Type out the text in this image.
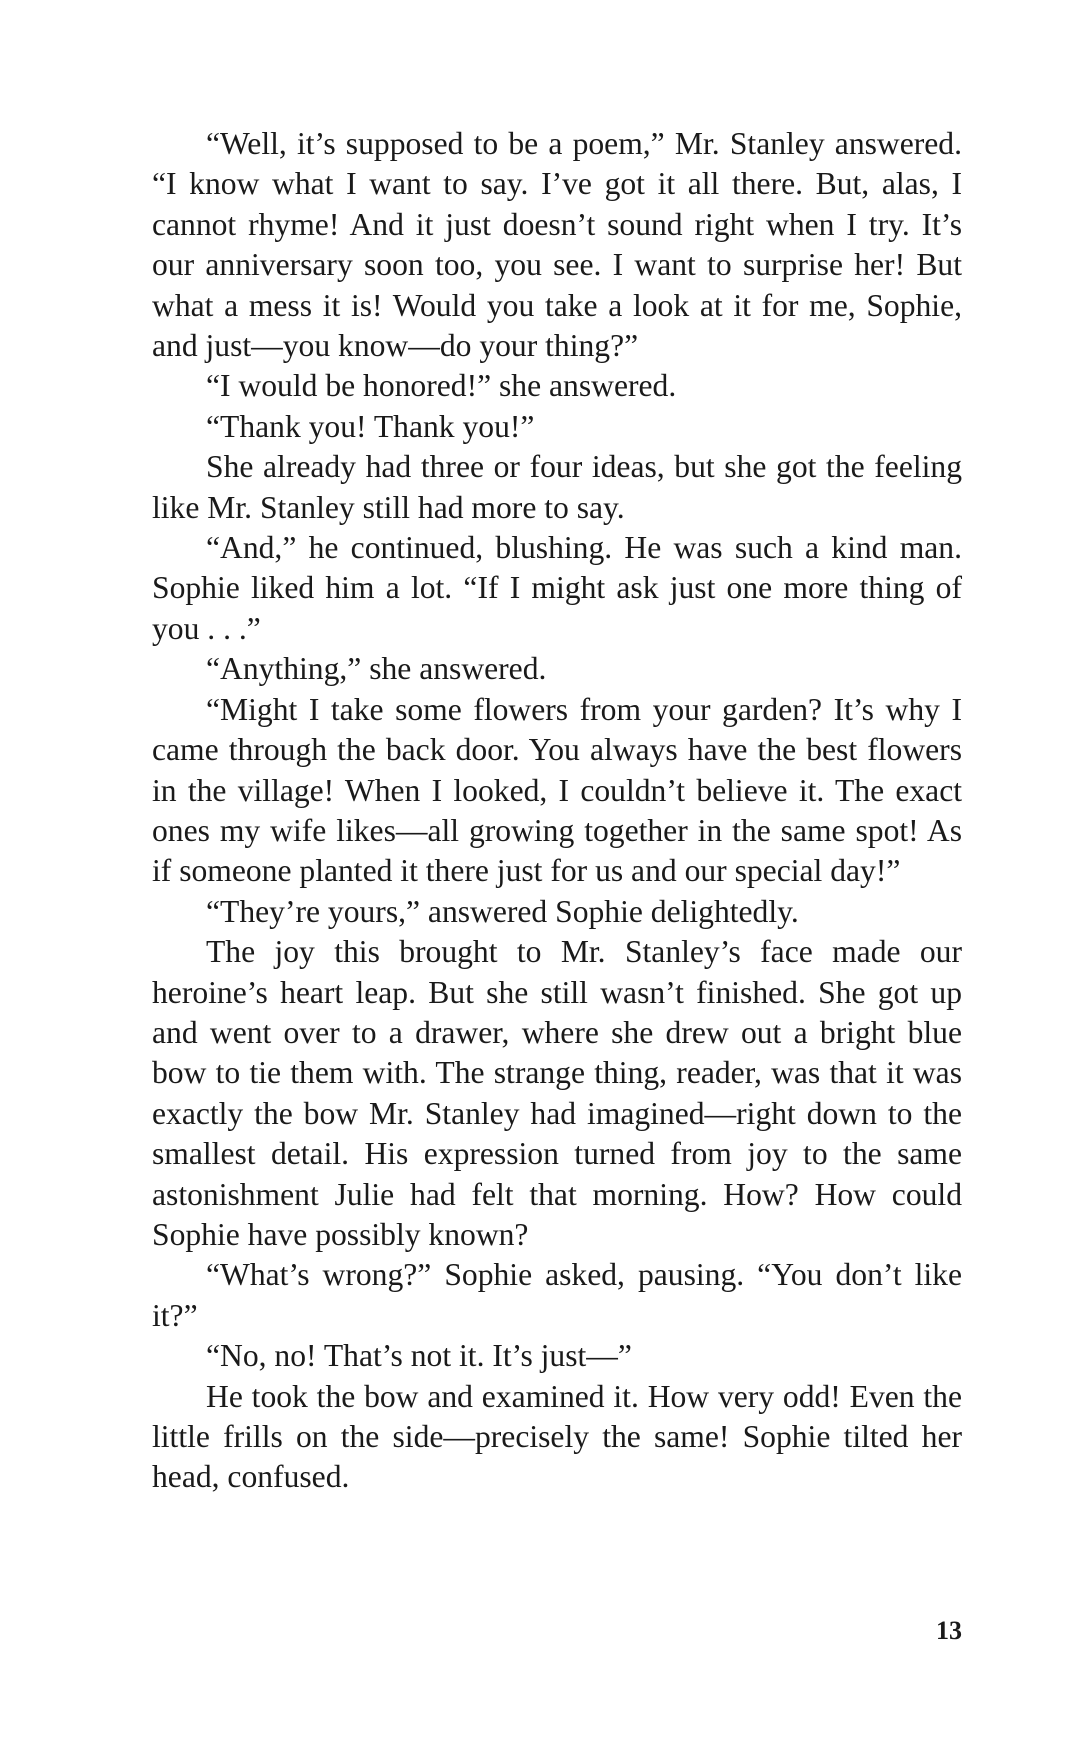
“Well, it’s supposed to be a poem,” Mr. Stanley answered. “I know what I want to say. I’ve got it all there. But, alas, I cannot rhyme! And it just doesn’t sound right when I try. It’s our anniversary soon too, you see. I want to surprise her! But what a mess it is! Would you take a look at it for me, Sophie, and just—you know—do your thing?”

“I would be honored!” she answered.

“Thank you! Thank you!”

She already had three or four ideas, but she got the feeling like Mr. Stanley still had more to say.

“And,” he continued, blushing. He was such a kind man. Sophie liked him a lot. “If I might ask just one more thing of you . . .”

“Anything,” she answered.

“Might I take some flowers from your garden? It’s why I came through the back door. You always have the best flowers in the village! When I looked, I couldn’t believe it. The exact ones my wife likes—all growing together in the same spot! As if someone planted it there just for us and our special day!”

“They’re yours,” answered Sophie delightedly.

The joy this brought to Mr. Stanley’s face made our heroine’s heart leap. But she still wasn’t finished. She got up and went over to a drawer, where she drew out a bright blue bow to tie them with. The strange thing, reader, was that it was exactly the bow Mr. Stanley had imagined—right down to the smallest detail. His expression turned from joy to the same astonishment Julie had felt that morning. How? How could Sophie have possibly known?

“What’s wrong?” Sophie asked, pausing. “You don’t like it?”

“No, no! That’s not it. It’s just—”

He took the bow and examined it. How very odd! Even the little frills on the side—precisely the same! Sophie tilted her head, confused.

13
